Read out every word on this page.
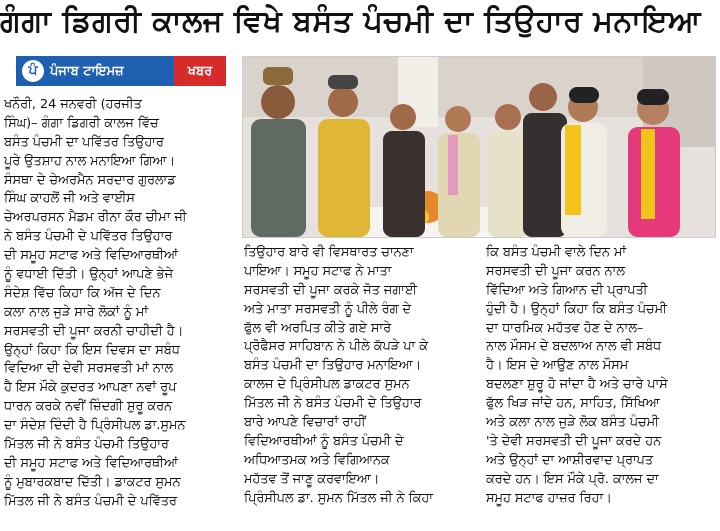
ਗੰਗਾ ਡਿਗਰੀ ਕਾਲਜ ਵਿਖੇ ਬਸੰਤ ਪੰਚਮੀ ਦਾ ਤਿਉਹਾਰ ਮਨਾਇਆ
ਪੰ ਪੰਜਾਬ ਟਾਇਮਜ਼	ਖਬਰ
ਖਨੌਰੀ, 24 ਜਨਵਰੀ (ਹਰਜੀਤ
ਸਿੰਘ)– ਗੰਗਾ ਡਿਗਰੀ ਕਾਲਜ ਵਿੱਚ
ਬਸੰਤ ਪੰਚਮੀ ਦਾ ਪਵਿੱਤਰ ਤਿਉਹਾਰ
ਪੂਰੇ ਉਤਸ਼ਾਹ ਨਾਲ ਮਨਾਇਆ ਗਿਆ।
ਸੰਸਥਾ ਦੇ ਚੇਅਰਮੈਨ ਸਰਦਾਰ ਗੁਰਲਾਡ
ਸਿੰਘ ਕਾਹਲੋਂ ਜੀ ਅਤੇ ਵਾਈਸ
ਚੇਅਰਪਰਸਨ ਮੈਡਮ ਰੀਨਾ ਕੌਰ ਚੀਮਾ ਜੀ
ਨੇ ਬਸੰਤ ਪੰਚਮੀ ਦੇ ਪਵਿੱਤਰ ਤਿਉਹਾਰ
ਦੀ ਸਮੂਹ ਸਟਾਫ ਅਤੇ ਵਿਦਿਆਰਥੀਆਂ
ਨੂੰ ਵਧਾਈ ਦਿੱਤੀ। ਉਨ੍ਹਾਂ ਆਪਣੇ ਭੇਜੇ
ਸੰਦੇਸ਼ ਵਿੱਚ ਕਿਹਾ ਕਿ ਅੱਜ ਦੇ ਦਿਨ
ਕਲਾ ਨਾਲ ਜੁੜੇ ਸਾਰੇ ਲੋਕਾਂ ਨੂੰ ਮਾਂ
ਸਰਸਵਤੀ ਦੀ ਪੂਜਾ ਕਰਨੀ ਚਾਹੀਦੀ ਹੈ।
ਉਨ੍ਹਾਂ ਕਿਹਾ ਕਿ ਇਸ ਦਿਵਸ ਦਾ ਸਬੰਧ
ਵਿਦਿਆ ਦੀ ਦੇਵੀ ਸਰਸਵਤੀ ਮਾਂ ਨਾਲ
ਹੈ ਇਸ ਮੌਕੇ ਕੁਦਰਤ ਆਪਣਾ ਨਵਾਂ ਰੂਪ
ਧਾਰਨ ਕਰਕੇ ਨਵੀਂ ਜ਼ਿੰਦਗੀ ਸ਼ੁਰੂ ਕਰਨ
ਦਾ ਸੰਦੇਸ਼ ਦਿੰਦੀ ਹੈ ਪ੍ਰਿੰਸੀਪਲ ਡਾ.ਸੁਮਨ
ਮਿੱਤਲ ਜੀ ਨੇ ਬਸੰਤ ਪੰਚਮੀ ਤਿਉਹਾਰ
ਦੀ ਸਮੂਹ ਸਟਾਫ ਅਤੇ ਵਿਦਿਆਰਥੀਆਂ
ਨੂੰ ਮੁਬਾਰਕਬਾਦ ਦਿੱਤੀ। ਡਾਕਟਰ ਸੁਮਨ
ਮਿੱਤਲ ਜੀ ਨੇ ਬਸੰਤ ਪੰਚਮੀ ਦੇ ਪਵਿੱਤਰ
ਤਿਉਹਾਰ ਬਾਰੇ ਵੀ ਵਿਸਥਾਰਤ ਚਾਨਣਾ
ਪਾਇਆ। ਸਮੂਹ ਸਟਾਫ ਨੇ ਮਾਤਾ
ਸਰਸਵਤੀ ਦੀ ਪੂਜਾ ਕਰਕੇ ਜੋਤ ਜਗਾਈ
ਅਤੇ ਮਾਤਾ ਸਰਸਵਤੀ ਨੂੰ ਪੀਲੇ ਰੰਗ ਦੇ
ਫੁੱਲ ਵੀ ਅਰਪਿਤ ਕੀਤੇ ਗਏ ਸਾਰੇ
ਪ੍ਰੋਫੈਸਰ ਸਾਹਿਬਾਨ ਨੇ ਪੀਲੇ ਕੱਪੜੇ ਪਾ ਕੇ
ਬਸੰਤ ਪੰਚਮੀ ਦਾ ਤਿਉਹਾਰ ਮਨਾਇਆ।
ਕਾਲਜ ਦੇ ਪ੍ਰਿੰਸੀਪਲ ਡਾਕਟਰ ਸੁਮਨ
ਮਿੱਤਲ ਜੀ ਨੇ ਬਸੰਤ ਪੰਚਮੀ ਦੇ ਤਿਉਹਾਰ
ਬਾਰੇ ਆਪਣੇ ਵਿਚਾਰਾਂ ਰਾਹੀਂ
ਵਿਦਿਆਰਥੀਆਂ ਨੂੰ ਬਸੰਤ ਪੰਚਮੀ ਦੇ
ਅਧਿਆਤਮਕ ਅਤੇ ਵਿਗਿਆਨਕ
ਮਹੱਤਵ ਤੋਂ ਜਾਣੂ ਕਰਵਾਇਆ।
ਪ੍ਰਿੰਸੀਪਲ ਡਾ. ਸੁਮਨ ਮਿੱਤਲ ਜੀ ਨੇ ਕਿਹਾ
ਕਿ ਬਸੰਤ ਪੰਚਮੀ ਵਾਲੇ ਦਿਨ ਮਾਂ
ਸਰਸਵਤੀ ਦੀ ਪੂਜਾ ਕਰਨ ਨਾਲ
ਵਿੱਦਿਆ ਅਤੇ ਗਿਆਨ ਦੀ ਪ੍ਰਾਪਤੀ
ਹੁੰਦੀ ਹੈ। ਉਨ੍ਹਾਂ ਕਿਹਾ ਕਿ ਬਸੰਤ ਪੰਚਮੀ
ਦਾ ਧਾਰਮਿਕ ਮਹੱਤਵ ਹੋਣ ਦੇ ਨਾਲ–
ਨਾਲ ਮੌਸਮ ਦੇ ਬਦਲਾਅ ਨਾਲ ਵੀ ਸਬੰਧ
ਹੈ। ਇਸ ਦੇ ਆਉਣ ਨਾਲ ਮੌਸਮ
ਬਦਲਣਾ ਸ਼ੁਰੂ ਹੋ ਜਾਂਦਾ ਹੈ ਅਤੇ ਚਾਰੇ ਪਾਸੇ
ਫੁੱਲ ਖਿੜ ਜਾਂਦੇ ਹਨ, ਸਾਹਿਤ, ਸਿੱਖਿਆ
ਅਤੇ ਕਲਾ ਨਾਲ ਜੁੜੇ ਲੋਕ ਬਸੰਤ ਪੰਚਮੀ
'ਤੇ ਦੇਵੀ ਸਰਸਵਤੀ ਦੀ ਪੂਜਾ ਕਰਦੇ ਹਨ
ਅਤੇ ਉਨ੍ਹਾਂ ਦਾ ਆਸ਼ੀਰਵਾਦ ਪ੍ਰਾਪਤ
ਕਰਦੇ ਹਨ। ਇਸ ਮੌਕੇ ਪ੍ਰੋ. ਕਾਲਜ ਦਾ
ਸਮੂਹ ਸਟਾਫ ਹਾਜ਼ਰ ਰਿਹਾ।
